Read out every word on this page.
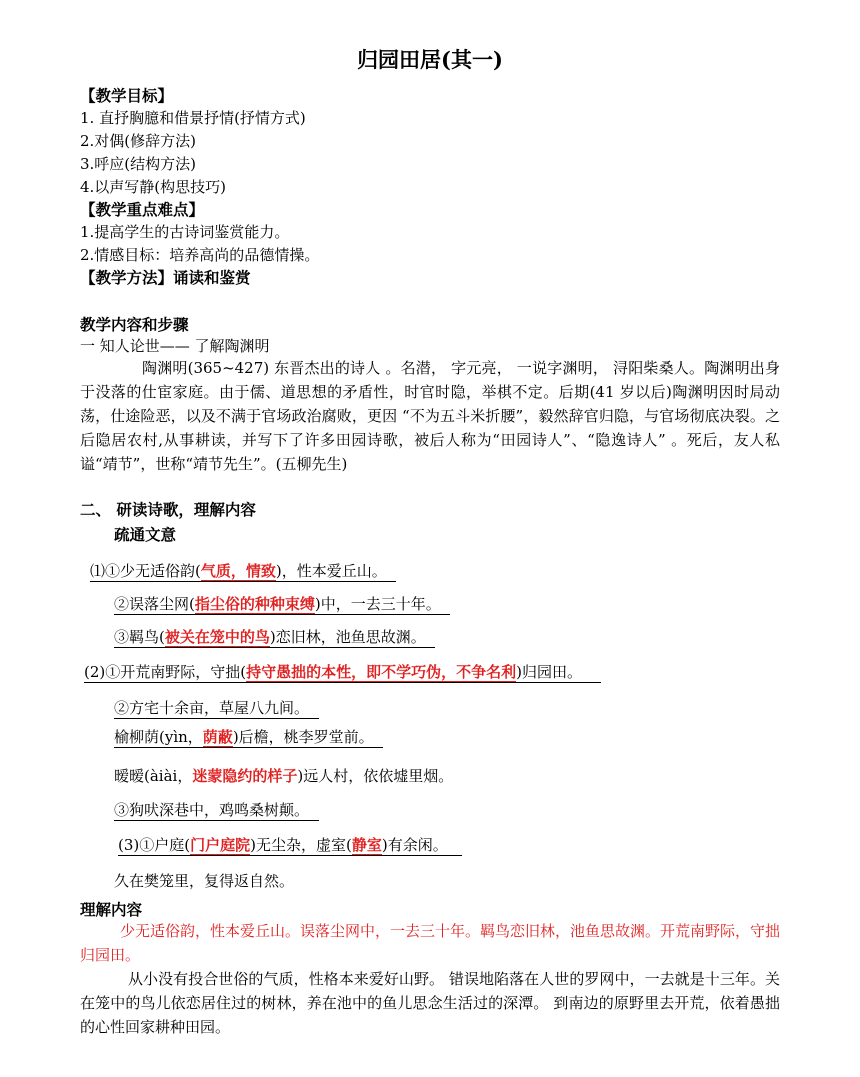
归园田居(其一)
【教学目标】
1. 直抒胸臆和借景抒情(抒情方式)
2.对偶(修辞方法)
3.呼应(结构方法)
4.以声写静(构思技巧)
【教学重点难点】
1.提高学生的古诗词鉴赏能力。
2.情感目标：培养高尚的品德情操。
【教学方法】诵读和鉴赏
教学内容和步骤
一 知人论世—— 了解陶渊明
陶渊明(365~427) 东晋杰出的诗人 。名潜， 字元亮， 一说字渊明， 浔阳柴桑人。陶渊明出身于没落的仕宦家庭。由于儒、道思想的矛盾性，时官时隐，举棋不定。后期(41 岁以后)陶渊明因时局动荡，仕途险恶，以及不满于官场政治腐败，更因 “不为五斗米折腰”，毅然辞官归隐，与官场彻底决裂。之后隐居农村,从事耕读，并写下了许多田园诗歌，被后人称为“田园诗人”、“隐逸诗人” 。死后，友人私谥“靖节”，世称“靖节先生”。(五柳先生)
二、 研读诗歌，理解内容
疏通文意
⑴①少无适俗韵(气质，情致)，性本爱丘山。
②误落尘网(指尘俗的种种束缚)中，一去三十年。
③羁鸟(被关在笼中的鸟)恋旧林，池鱼思故渊。
(2)①开荒南野际，守拙(持守愚拙的本性，即不学巧伪，不争名利)归园田。
②方宅十余亩，草屋八九间。
榆柳荫(yìn，荫蔽)后檐，桃李罗堂前。
暧暧(àiài，迷蒙隐约的样子)远人村，依依墟里烟。
③狗吠深巷中，鸡鸣桑树颠。
(3)①户庭(门户庭院)无尘杂，虚室(静室)有余闲。
久在樊笼里，复得返自然。
理解内容
少无适俗韵，性本爱丘山。误落尘网中，一去三十年。羁鸟恋旧林，池鱼思故渊。开荒南野际，守拙归园田。
从小没有投合世俗的气质，性格本来爱好山野。 错误地陷落在人世的罗网中，一去就是十三年。关在笼中的鸟儿依恋居住过的树林，养在池中的鱼儿思念生活过的深潭。 到南边的原野里去开荒，依着愚拙的心性回家耕种田园。
